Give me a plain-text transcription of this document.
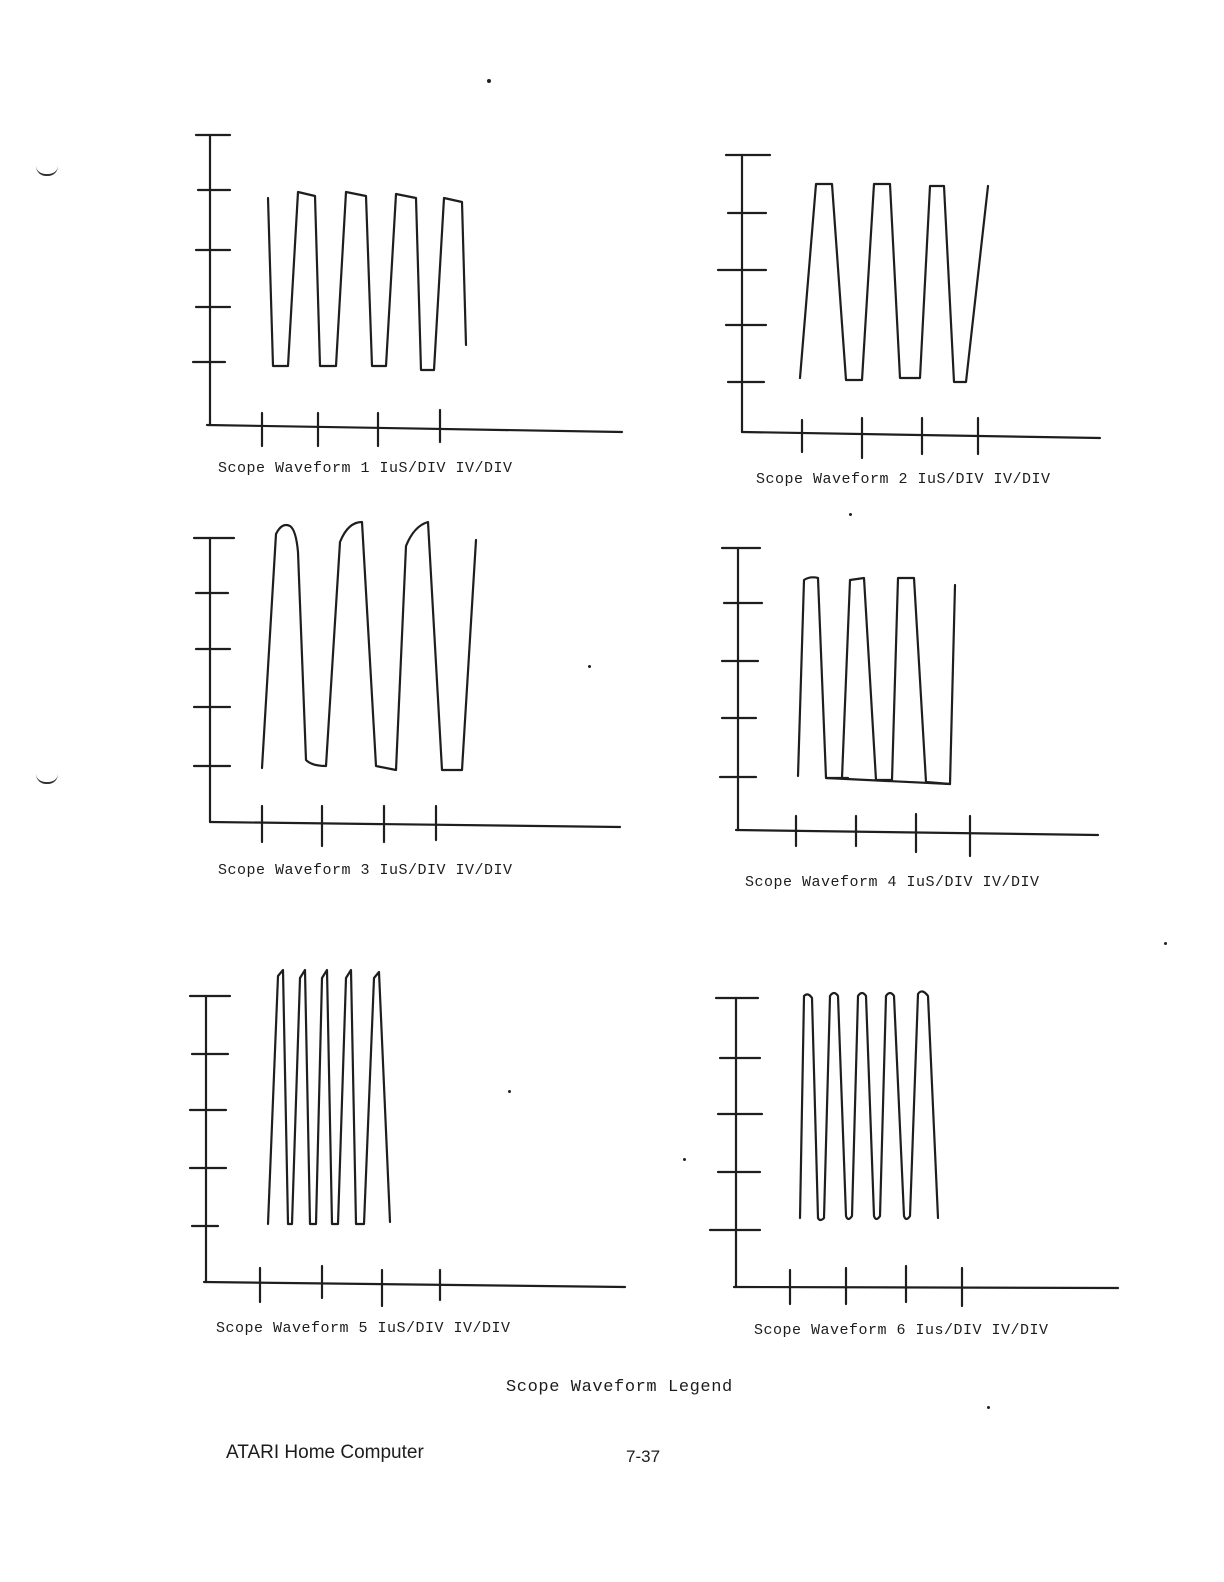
Scope Waveform 1 IuS/DIV IV/DIV
Scope Waveform 2 IuS/DIV IV/DIV
Scope Waveform 3 IuS/DIV IV/DIV
Scope Waveform 4 IuS/DIV IV/DIV
Scope Waveform 5 IuS/DIV IV/DIV	Scope Waveform 6 Ius/DIV IV/DIV
Scope Waveform Legend
ATARI Home Computer	7-37
